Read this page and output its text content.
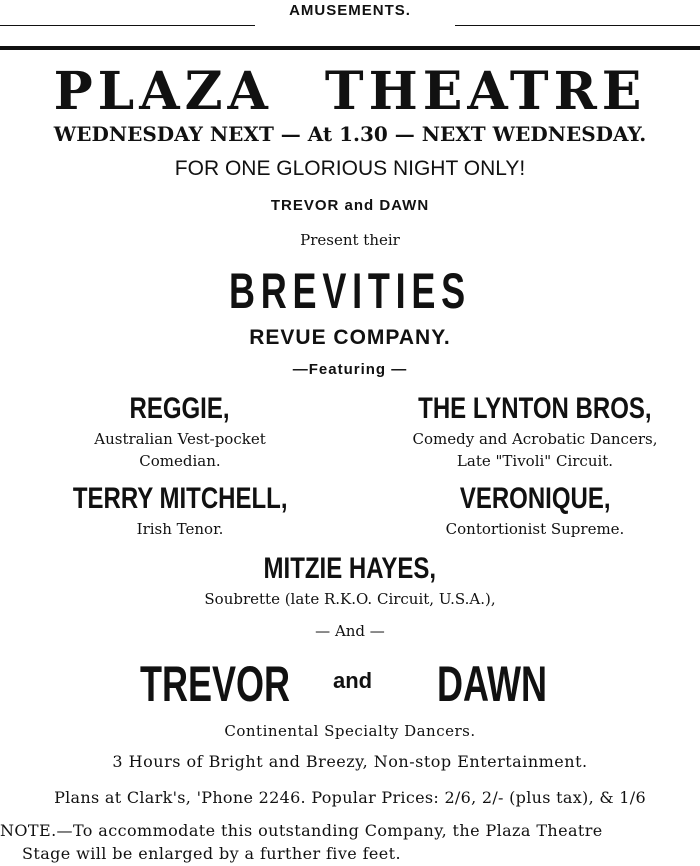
AMUSEMENTS.
PLAZA THEATRE
WEDNESDAY NEXT — At 1.30 — NEXT WEDNESDAY.
FOR ONE GLORIOUS NIGHT ONLY!
TREVOR and DAWN
Present their
BREVITIES
REVUE COMPANY.
—Featuring —
REGGIE,
Australian Vest-pocket
Comedian.
THE LYNTON BROS,
Comedy and Acrobatic Dancers,
Late "Tivoli" Circuit.
TERRY MITCHELL,
Irish Tenor.
VERONIQUE,
Contortionist Supreme.
MITZIE HAYES,
Soubrette (late R.K.O. Circuit, U.S.A.),
— And —
TREVOR	and DAWN
Continental Specialty Dancers.
3 Hours of Bright and Breezy, Non-stop Entertainment.
Plans at Clark's, 'Phone 2246. Popular Prices: 2/6, 2/- (plus tax), & 1/6
NOTE.—To accommodate this outstanding Company, the Plaza Theatre
Stage will be enlarged by a further five feet.
